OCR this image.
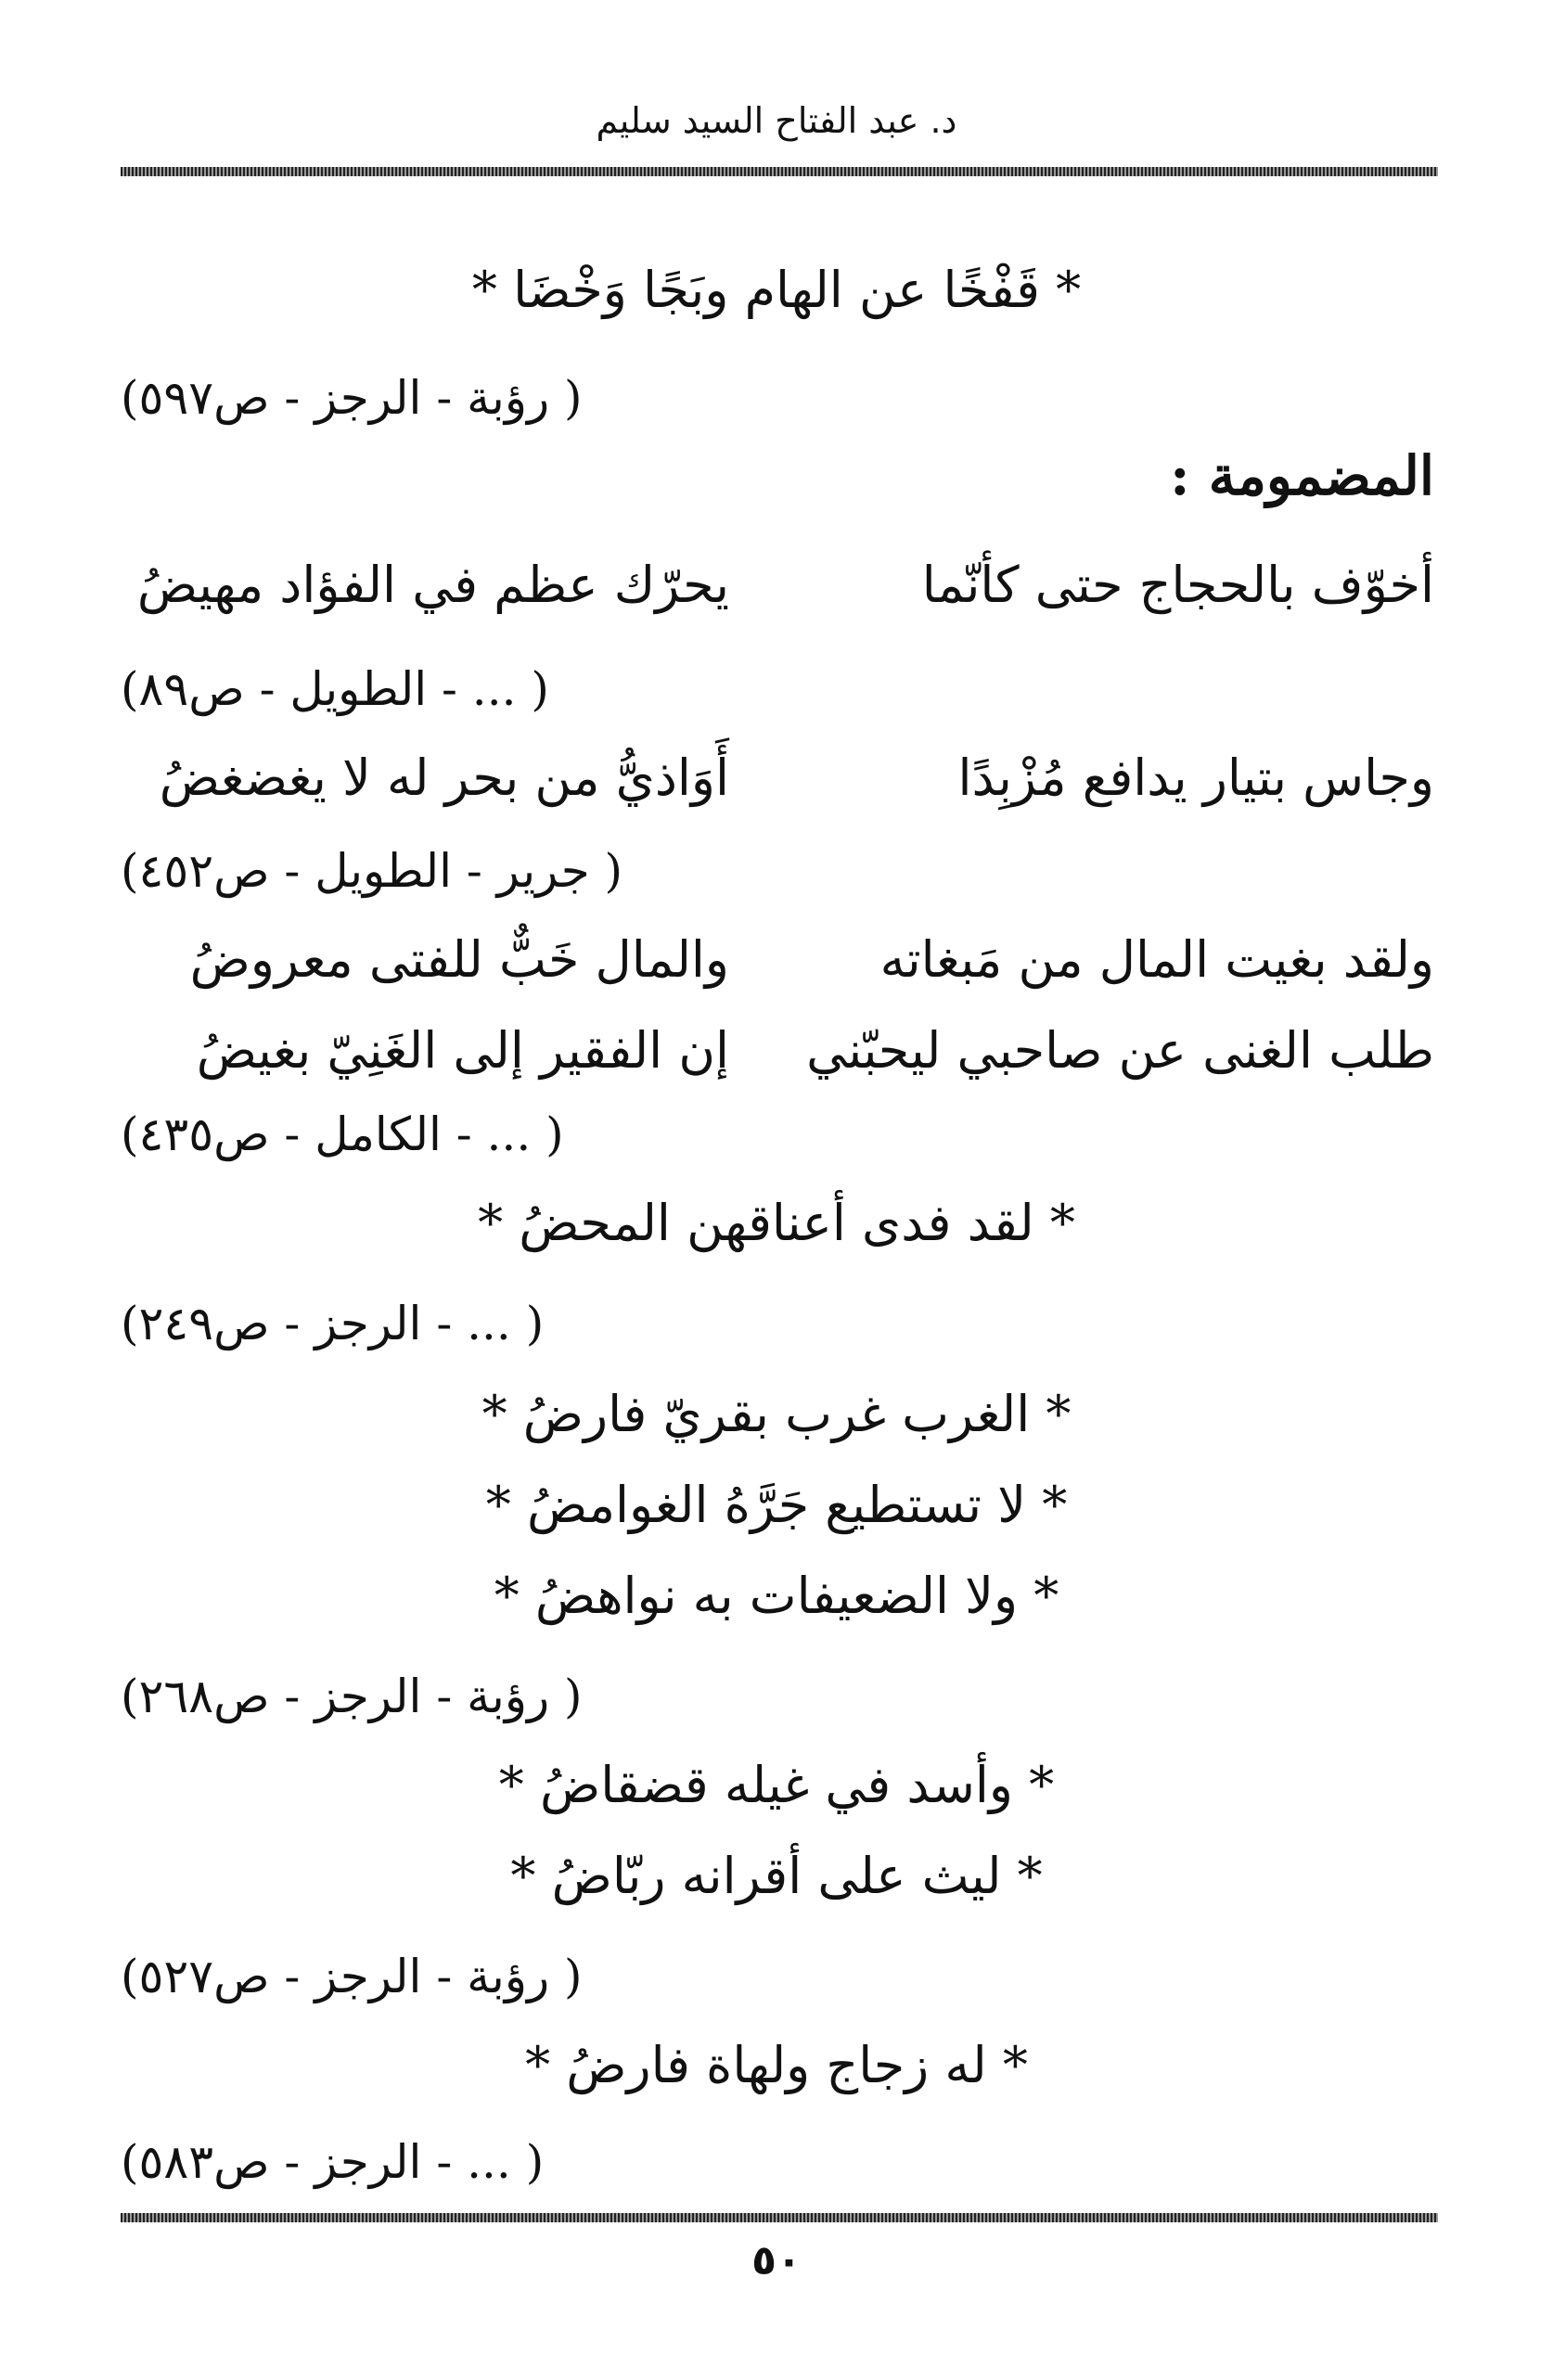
د. عبد الفتاح السيد سليم
* قَفْخًا عن الهام وبَجًا وَخْضَا *
( رؤبة - الرجز - ص٥٩٧)
المضمومة :
أخوّف بالحجاج حتى كأنّما
يحرّك عظم في الفؤاد مهيضُ
( ... - الطويل - ص٨٩)
وجاس بتيار يدافع مُزْبِدًا
أَوَاذيُّ من بحر له لا يغضغضُ
( جرير - الطويل - ص٤٥٢)
ولقد بغيت المال من مَبغاته
والمال خَبٌّ للفتى معروضُ
طلب الغنى عن صاحبي ليحبّني
إن الفقير إلى الغَنِيّ بغيضُ
( ... - الكامل - ص٤٣٥)
* لقد فدى أعناقهن المحضُ *
( ... - الرجز - ص٢٤٩)
* الغرب غرب بقريّ فارضُ *
* لا تستطيع جَرَّهُ الغوامضُ *
* ولا الضعيفات به نواهضُ *
( رؤبة - الرجز - ص٢٦٨)
* وأسد في غيله قضقاضُ *
* ليث على أقرانه ربّاضُ *
( رؤبة - الرجز - ص٥٢٧)
* له زجاج ولهاة فارضُ *
( ... - الرجز - ص٥٨٣)
٥٠
